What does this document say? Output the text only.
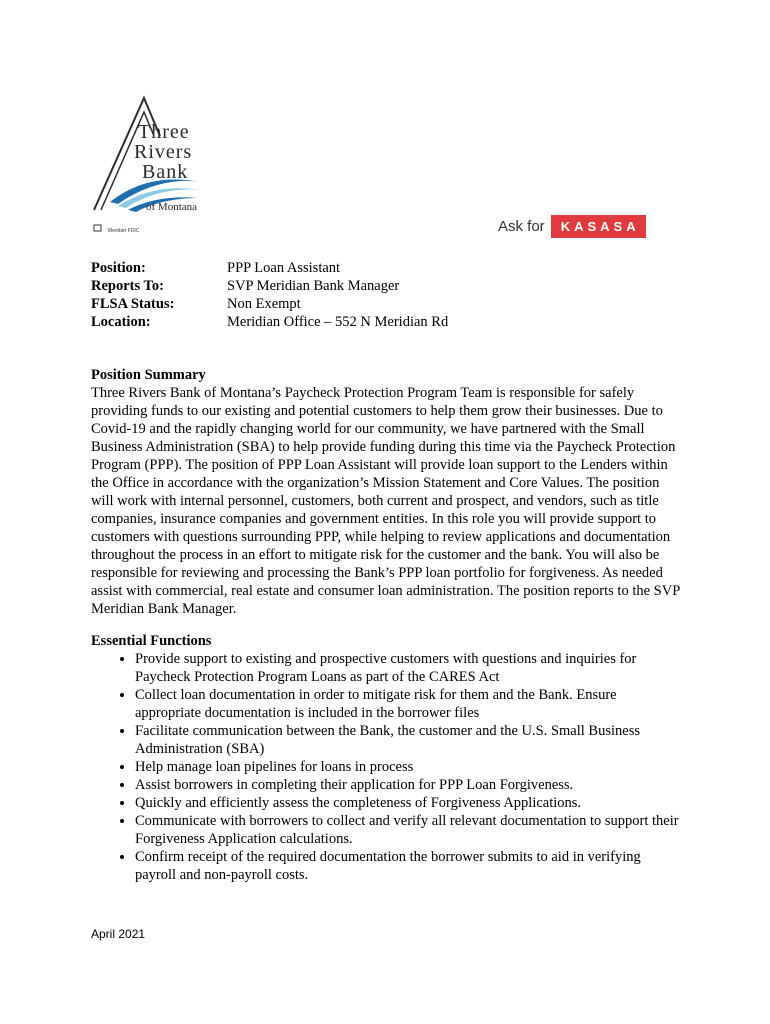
Three
Rivers
Bank
of Montana
Member FDIC	Ask for	KASASA
Position:	PPP Loan Assistant
Reports To:	SVP Meridian Bank Manager
FLSA Status:	Non Exempt
Location:	Meridian Office – 552 N Meridian Rd
Position Summary

Three Rivers Bank of Montana’s Paycheck Protection Program Team is responsible for safely providing funds to our existing and potential customers to help them grow their businesses. Due to Covid-19 and the rapidly changing world for our community, we have partnered with the Small Business Administration (SBA) to help provide funding during this time via the Paycheck Protection Program (PPP). The position of PPP Loan Assistant will provide loan support to the Lenders within the Office in accordance with the organization’s Mission Statement and Core Values. The position will work with internal personnel, customers, both current and prospect, and vendors, such as title companies, insurance companies and government entities. In this role you will provide support to customers with questions surrounding PPP, while helping to review applications and documentation throughout the process in an effort to mitigate risk for the customer and the bank. You will also be responsible for reviewing and processing the Bank’s PPP loan portfolio for forgiveness. As needed assist with commercial, real estate and consumer loan administration. The position reports to the SVP Meridian Bank Manager.

Essential Functions
• Provide support to existing and prospective customers with questions and inquiries for Paycheck Protection Program Loans as part of the CARES Act
• Collect loan documentation in order to mitigate risk for them and the Bank. Ensure appropriate documentation is included in the borrower files
• Facilitate communication between the Bank, the customer and the U.S. Small Business Administration (SBA)
• Help manage loan pipelines for loans in process
• Assist borrowers in completing their application for PPP Loan Forgiveness.
• Quickly and efficiently assess the completeness of Forgiveness Applications.
• Communicate with borrowers to collect and verify all relevant documentation to support their Forgiveness Application calculations.
• Confirm receipt of the required documentation the borrower submits to aid in verifying payroll and non-payroll costs.
April 2021
